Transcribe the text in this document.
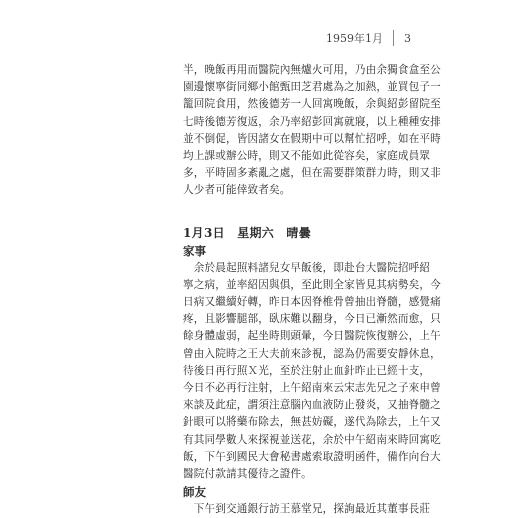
1959年1月 3
半，晚飯再用而醫院內無爐火可用，乃由余獨食盒至公
園邊懷寧街同鄉小館甄田芝君處為之加熱，並買包子一
籠回院食用，然後德芳一人回寓晚飯，余與紹彭留院至
七時後德芳復返，余乃率紹彭回寓就寢，以上種種安排
並不倒促，皆因諸女在假期中可以幫忙招呼，如在平時
均上課或辦公時，則又不能如此從容矣，家庭成員眾
多，平時固多紊亂之處，但在需要群策群力時，則又非
人少者可能倖致者矣。
1月3日　星期六　晴曇
家事
　余於晨起照料諸兒女早飯後，即赴台大醫院招呼紹
寧之病，並率紹因與俱，至此則全家皆見其病勢矣，今
日病又繼續好轉，昨日本因脊椎骨曾抽出脊髓，感覺痛
疼，且影響腿部，臥床難以翻身，今日已漸然而愈，只
餘身體虛弱，起坐時則頭暈，今日醫院恢復辦公，上午
曾由入院時之王大夫前來診視，認為仍需要安靜休息，
待後日再行照Ｘ光，至於注射止血針昨止已經十支，
今日不必再行注射，上午紹南來云宋志先兄之子來申曾
來談及此症，謂須注意腦內血液防止發炎，又抽脊髓之
針眼可以將藥布除去，無甚妨礙，遂代為除去，上午又
有其同學數人來探視並送花，余於中午紹南來時回寓吃
飯，下午到國民大會秘書處索取證明函件，備作向台大
醫院付款請其優待之證件。
師友
　下午到交通銀行訪王慕堂兄，探詢最近其董事長莊
